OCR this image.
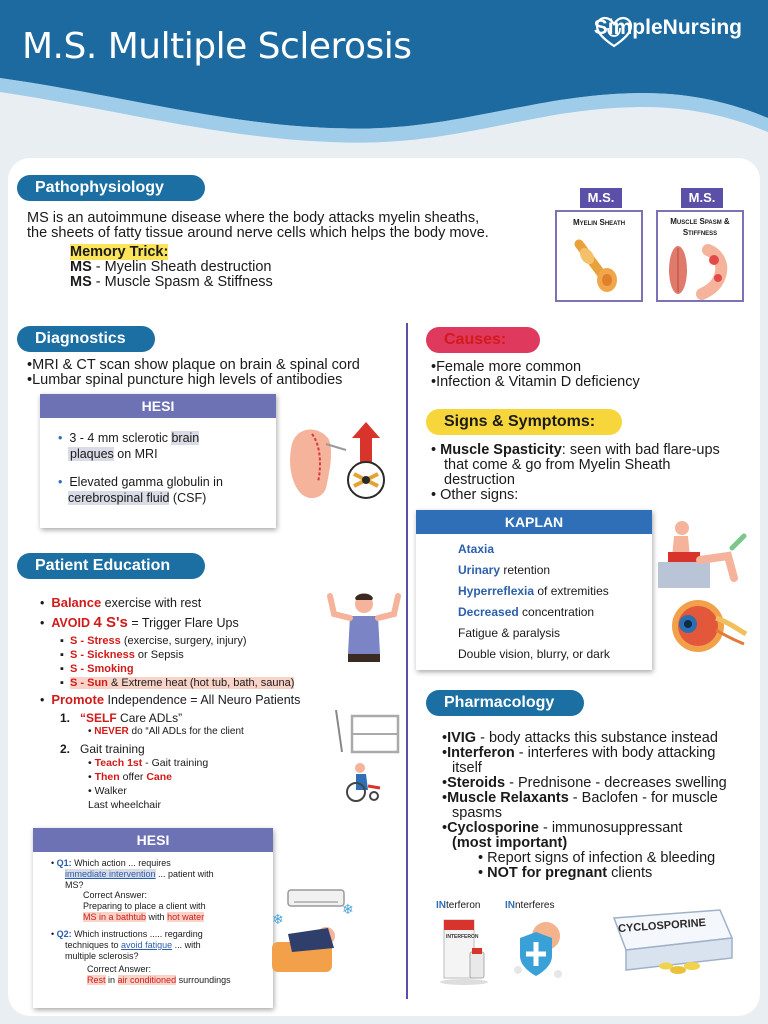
M.S. Multiple Sclerosis	SimpleNursing
Pathophysiology
MS is an autoimmune disease where the body attacks myelin sheaths,
the sheets of fatty tissue around nerve cells which helps the body move.
Memory Trick:
MS - Myelin Sheath destruction
MS - Muscle Spasm & Stiffness
M.S.
Myelin Sheath
M.S.
Muscle Spasm & Stiffness
Diagnostics
• MRI & CT scan show plaque on brain & spinal cord
• Lumbar spinal puncture high levels of antibodies
HESI
• 3 - 4 mm sclerotic brain
plaques on MRI
• Elevated gamma globulin in
cerebrospinal fluid (CSF)
Causes:
• Female more common
• Infection & Vitamin D deficiency
Signs & Symptoms:
• Muscle Spasticity: seen with bad flare-ups
that come & go from Myelin Sheath
destruction
• Other signs:
KAPLAN
Ataxia
Urinary retention
Hyperreflexia of extremities
Decreased concentration
Fatigue & paralysis
Double vision, blurry, or dark
Patient Education
•  Balance exercise with rest
•  AVOID 4 S's = Trigger Flare Ups
▪  S - Stress (exercise, surgery, injury)
▪  S - Sickness or Sepsis
▪  S - Smoking
▪  S - Sun & Extreme heat (hot tub, bath, sauna)
•  Promote Independence = All Neuro Patients
1. “SELF Care ADLs”
• NEVER do “All ADLs for the client
2. Gait training
• Teach 1st - Gait training
• Then offer Cane
• Walker
Last wheelchair
HESI
• Q1: Which action ... requires
immediate intervention ... patient with
MS?
Correct Answer:
Preparing to place a client with
MS in a bathtub with hot water
• Q2: Which instructions ..... regarding
techniques to avoid fatigue ... with
multiple sclerosis?
Correct Answer:
Rest in air conditioned surroundings
❄
❄
Pharmacology
• IVIG - body attacks this substance instead
• Interferon - interferes with body attacking
itself
• Steroids - Prednisone - decreases swelling
• Muscle Relaxants - Baclofen - for muscle
spasms
• Cyclosporine - immunosuppressant
(most important)
• Report signs of infection & bleeding
• NOT for pregnant clients
INterferon INnterferes
INTERFERON
CYCLOSPORINE
